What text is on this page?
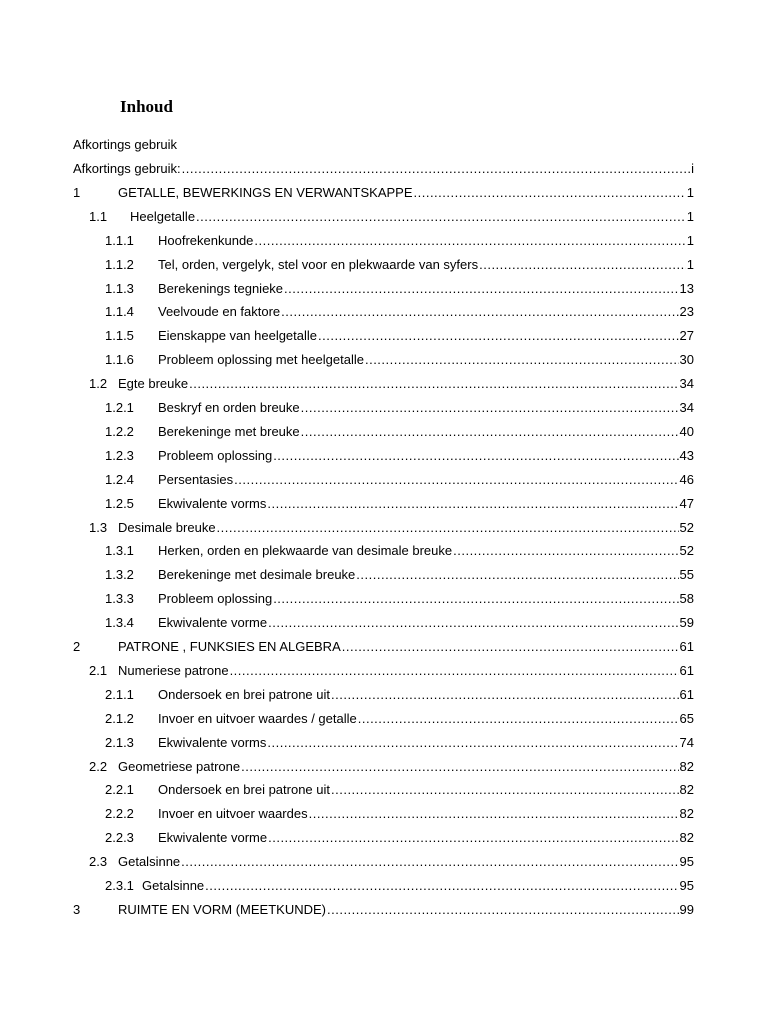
Inhoud
Afkortings gebruik
Afkortings gebruik: .....	i
1	GETALLE, BEWERKINGS EN VERWANTSKAPPE .....	1
1.1 Heelgetalle .....	1
1.1.1 Hoofrekenkunde .....	1
1.1.2 Tel, orden, vergelyk, stel voor en plekwaarde van syfers .....	1
1.1.3 Berekenings tegnieke .....	13
1.1.4 Veelvoude en faktore .....	23
1.1.5 Eienskappe van heelgetalle .....	27
1.1.6 Probleem oplossing met heelgetalle .....	30
1.2 Egte breuke .....	34
1.2.1 Beskryf en orden breuke .....	34
1.2.2 Berekeninge met breuke .....	40
1.2.3 Probleem oplossing .....	43
1.2.4 Persentasies .....	46
1.2.5 Ekwivalente vorms .....	47
1.3 Desimale breuke .....	52
1.3.1 Herken, orden en plekwaarde van desimale breuke .....	52
1.3.2 Berekeninge met desimale breuke .....	55
1.3.3 Probleem oplossing .....	58
1.3.4 Ekwivalente vorme .....	59
2	PATRONE , FUNKSIES EN ALGEBRA .....	61
2.1 Numeriese patrone .....	61
2.1.1 Ondersoek en brei patrone uit .....	61
2.1.2 Invoer en uitvoer waardes / getalle .....	65
2.1.3 Ekwivalente vorms .....	74
2.2 Geometriese patrone .....	82
2.2.1 Ondersoek en brei patrone uit .....	82
2.2.2 Invoer en uitvoer waardes .....	82
2.2.3 Ekwivalente vorme .....	82
2.3 Getalsinne .....	95
2.3.1 Getalsinne .....	95
3	RUIMTE EN VORM (MEETKUNDE) .....	99
